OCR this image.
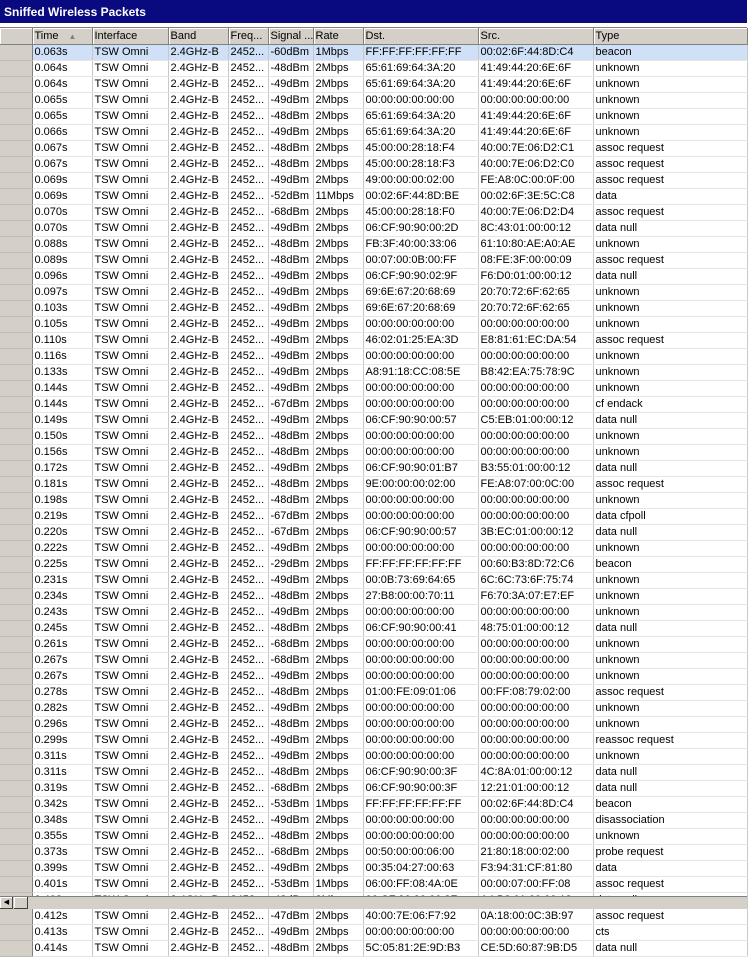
Sniffed Wireless Packets
	Time ▲	Interface	Band	Freq...	Signal ...	Rate	Dst.	Src.	Type
	0.063s	TSW Omni	2.4GHz-B	2452...	-60dBm	1Mbps	FF:FF:FF:FF:FF:FF	00:02:6F:44:8D:C4	beacon
	0.064s	TSW Omni	2.4GHz-B	2452...	-48dBm	2Mbps	65:61:69:64:3A:20	41:49:44:20:6E:6F	unknown
	0.064s	TSW Omni	2.4GHz-B	2452...	-49dBm	2Mbps	65:61:69:64:3A:20	41:49:44:20:6E:6F	unknown
	0.065s	TSW Omni	2.4GHz-B	2452...	-49dBm	2Mbps	00:00:00:00:00:00	00:00:00:00:00:00	unknown
	0.065s	TSW Omni	2.4GHz-B	2452...	-48dBm	2Mbps	65:61:69:64:3A:20	41:49:44:20:6E:6F	unknown
	0.066s	TSW Omni	2.4GHz-B	2452...	-49dBm	2Mbps	65:61:69:64:3A:20	41:49:44:20:6E:6F	unknown
	0.067s	TSW Omni	2.4GHz-B	2452...	-48dBm	2Mbps	45:00:00:28:18:F4	40:00:7E:06:D2:C1	assoc request
	0.067s	TSW Omni	2.4GHz-B	2452...	-48dBm	2Mbps	45:00:00:28:18:F3	40:00:7E:06:D2:C0	assoc request
	0.069s	TSW Omni	2.4GHz-B	2452...	-49dBm	2Mbps	49:00:00:00:02:00	FE:A8:0C:00:0F:00	assoc request
	0.069s	TSW Omni	2.4GHz-B	2452...	-52dBm	11Mbps	00:02:6F:44:8D:BE	00:02:6F:3E:5C:C8	data
	0.070s	TSW Omni	2.4GHz-B	2452...	-68dBm	2Mbps	45:00:00:28:18:F0	40:00:7E:06:D2:D4	assoc request
	0.070s	TSW Omni	2.4GHz-B	2452...	-49dBm	2Mbps	06:CF:90:90:00:2D	8C:43:01:00:00:12	data null
	0.088s	TSW Omni	2.4GHz-B	2452...	-48dBm	2Mbps	FB:3F:40:00:33:06	61:10:80:AE:A0:AE	unknown
	0.089s	TSW Omni	2.4GHz-B	2452...	-48dBm	2Mbps	00:07:00:0B:00:FF	08:FE:3F:00:00:09	assoc request
	0.096s	TSW Omni	2.4GHz-B	2452...	-49dBm	2Mbps	06:CF:90:90:02:9F	F6:D0:01:00:00:12	data null
	0.097s	TSW Omni	2.4GHz-B	2452...	-49dBm	2Mbps	69:6E:67:20:68:69	20:70:72:6F:62:65	unknown
	0.103s	TSW Omni	2.4GHz-B	2452...	-49dBm	2Mbps	69:6E:67:20:68:69	20:70:72:6F:62:65	unknown
	0.105s	TSW Omni	2.4GHz-B	2452...	-49dBm	2Mbps	00:00:00:00:00:00	00:00:00:00:00:00	unknown
	0.110s	TSW Omni	2.4GHz-B	2452...	-49dBm	2Mbps	46:02:01:25:EA:3D	E8:81:61:EC:DA:54	assoc request
	0.116s	TSW Omni	2.4GHz-B	2452...	-49dBm	2Mbps	00:00:00:00:00:00	00:00:00:00:00:00	unknown
	0.133s	TSW Omni	2.4GHz-B	2452...	-49dBm	2Mbps	A8:91:18:CC:08:5E	B8:42:EA:75:78:9C	unknown
	0.144s	TSW Omni	2.4GHz-B	2452...	-49dBm	2Mbps	00:00:00:00:00:00	00:00:00:00:00:00	unknown
	0.144s	TSW Omni	2.4GHz-B	2452...	-67dBm	2Mbps	00:00:00:00:00:00	00:00:00:00:00:00	cf endack
	0.149s	TSW Omni	2.4GHz-B	2452...	-49dBm	2Mbps	06:CF:90:90:00:57	C5:EB:01:00:00:12	data null
	0.150s	TSW Omni	2.4GHz-B	2452...	-48dBm	2Mbps	00:00:00:00:00:00	00:00:00:00:00:00	unknown
	0.156s	TSW Omni	2.4GHz-B	2452...	-48dBm	2Mbps	00:00:00:00:00:00	00:00:00:00:00:00	unknown
	0.172s	TSW Omni	2.4GHz-B	2452...	-49dBm	2Mbps	06:CF:90:90:01:B7	B3:55:01:00:00:12	data null
	0.181s	TSW Omni	2.4GHz-B	2452...	-48dBm	2Mbps	9E:00:00:00:02:00	FE:A8:07:00:0C:00	assoc request
	0.198s	TSW Omni	2.4GHz-B	2452...	-48dBm	2Mbps	00:00:00:00:00:00	00:00:00:00:00:00	unknown
	0.219s	TSW Omni	2.4GHz-B	2452...	-67dBm	2Mbps	00:00:00:00:00:00	00:00:00:00:00:00	data cfpoll
	0.220s	TSW Omni	2.4GHz-B	2452...	-67dBm	2Mbps	06:CF:90:90:00:57	3B:EC:01:00:00:12	data null
	0.222s	TSW Omni	2.4GHz-B	2452...	-49dBm	2Mbps	00:00:00:00:00:00	00:00:00:00:00:00	unknown
	0.225s	TSW Omni	2.4GHz-B	2452...	-29dBm	2Mbps	FF:FF:FF:FF:FF:FF	00:60:B3:8D:72:C6	beacon
	0.231s	TSW Omni	2.4GHz-B	2452...	-49dBm	2Mbps	00:0B:73:69:64:65	6C:6C:73:6F:75:74	unknown
	0.234s	TSW Omni	2.4GHz-B	2452...	-48dBm	2Mbps	27:B8:00:00:70:11	F6:70:3A:07:E7:EF	unknown
	0.243s	TSW Omni	2.4GHz-B	2452...	-49dBm	2Mbps	00:00:00:00:00:00	00:00:00:00:00:00	unknown
	0.245s	TSW Omni	2.4GHz-B	2452...	-48dBm	2Mbps	06:CF:90:90:00:41	48:75:01:00:00:12	data null
	0.261s	TSW Omni	2.4GHz-B	2452...	-68dBm	2Mbps	00:00:00:00:00:00	00:00:00:00:00:00	unknown
	0.267s	TSW Omni	2.4GHz-B	2452...	-68dBm	2Mbps	00:00:00:00:00:00	00:00:00:00:00:00	unknown
	0.267s	TSW Omni	2.4GHz-B	2452...	-49dBm	2Mbps	00:00:00:00:00:00	00:00:00:00:00:00	unknown
	0.278s	TSW Omni	2.4GHz-B	2452...	-48dBm	2Mbps	01:00:FE:09:01:06	00:FF:08:79:02:00	assoc request
	0.282s	TSW Omni	2.4GHz-B	2452...	-49dBm	2Mbps	00:00:00:00:00:00	00:00:00:00:00:00	unknown
	0.296s	TSW Omni	2.4GHz-B	2452...	-48dBm	2Mbps	00:00:00:00:00:00	00:00:00:00:00:00	unknown
	0.299s	TSW Omni	2.4GHz-B	2452...	-49dBm	2Mbps	00:00:00:00:00:00	00:00:00:00:00:00	reassoc request
	0.311s	TSW Omni	2.4GHz-B	2452...	-49dBm	2Mbps	00:00:00:00:00:00	00:00:00:00:00:00	unknown
	0.311s	TSW Omni	2.4GHz-B	2452...	-48dBm	2Mbps	06:CF:90:90:00:3F	4C:8A:01:00:00:12	data null
	0.319s	TSW Omni	2.4GHz-B	2452...	-68dBm	2Mbps	06:CF:90:90:00:3F	12:21:01:00:00:12	data null
	0.342s	TSW Omni	2.4GHz-B	2452...	-53dBm	1Mbps	FF:FF:FF:FF:FF:FF	00:02:6F:44:8D:C4	beacon
	0.348s	TSW Omni	2.4GHz-B	2452...	-49dBm	2Mbps	00:00:00:00:00:00	00:00:00:00:00:00	disassociation
	0.355s	TSW Omni	2.4GHz-B	2452...	-48dBm	2Mbps	00:00:00:00:00:00	00:00:00:00:00:00	unknown
	0.373s	TSW Omni	2.4GHz-B	2452...	-68dBm	2Mbps	00:50:00:00:06:00	21:80:18:00:02:00	probe request
	0.399s	TSW Omni	2.4GHz-B	2452...	-49dBm	2Mbps	00:35:04:27:00:63	F3:94:31:CF:81:80	data
	0.401s	TSW Omni	2.4GHz-B	2452...	-53dBm	1Mbps	06:00:FF:08:4A:0E	00:00:07:00:FF:08	assoc request

	0.412s	TSW Omni	2.4GHz-B	2452...	-47dBm	2Mbps	40:00:7E:06:F7:92	0A:18:00:0C:3B:97	assoc request
	0.413s	TSW Omni	2.4GHz-B	2452...	-49dBm	2Mbps	00:00:00:00:00:00	00:00:00:00:00:00	cts
	0.414s	TSW Omni	2.4GHz-B	2452...	-48dBm	2Mbps	5C:05:81:2E:9D:B3	CE:5D:60:87:9B:D5	data null
◀
